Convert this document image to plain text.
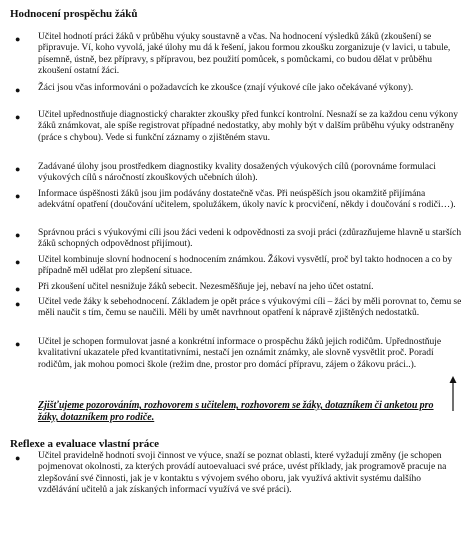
Hodnocení prospěchu žáků
● Učitel hodnotí práci žáků v průběhu výuky soustavně a včas. Na hodnocení výsledků žáků (zkoušení) se připravuje. Ví, koho vyvolá, jaké úlohy mu dá k řešení, jakou formou zkoušku zorganizuje (v lavici, u tabule, písemně, ústně, bez přípravy, s přípravou, bez použití pomůcek, s pomůckami, co budou dělat v průběhu zkoušení ostatní žáci.
● Žáci jsou včas informováni o požadavcích ke zkoušce (znají výukové cíle jako očekávané výkony).
● Učitel upřednostňuje diagnostický charakter zkoušky před funkcí kontrolní. Nesnaží se za každou cenu výkony žáků známkovat, ale spíše registrovat případné nedostatky, aby mohly být v dalším průběhu výuky odstraněny (práce s chybou). Vede si funkční záznamy o zjištěném stavu.
● Zadávané úlohy jsou prostředkem diagnostiky kvality dosažených výukových cílů (porovnáme formulaci výukových cílů s náročností zkouškových učebních úloh).
● Informace úspěšnosti žáků jsou jim podávány dostatečně včas. Při neúspěších jsou okamžitě přijímána adekvátní opatření (doučování učitelem, spolužákem, úkoly navíc k procvičení, někdy i doučování s rodiči…).
● Správnou práci s výukovými cíli jsou žáci vedeni k odpovědnosti za svoji práci (zdůrazňujeme hlavně u starších žáků schopných odpovědnost přijímout).
● Učitel kombinuje slovní hodnocení s hodnocením známkou. Žákovi vysvětlí, proč byl takto hodnocen a co by případně měl udělat pro zlepšení situace.
● Při zkoušení učitel nesnižuje žáků sebecit. Nezesměšňuje jej, nebaví na jeho účet ostatní.
● Učitel vede žáky k sebehodnocení. Základem je opět práce s výukovými cíli – žáci by měli porovnat to, čemu se měli naučit s tím, čemu se naučili. Měli by umět navrhnout opatření k nápravě zjištěných nedostatků.
● Učitel je schopen formulovat jasné a konkrétní informace o prospěchu žáků jejich rodičům. Upřednostňuje kvalitativní ukazatele před kvantitativními, nestačí jen oznámit známky, ale slovně vysvětlit proč. Poradí rodičům, jak mohou pomoci škole (režim dne, prostor pro domácí přípravu, zájem o žákovu práci..).
Zjišťujeme pozorováním, rozhovorem s učitelem, rozhovorem se žáky, dotazníkem či anketou pro žáky, dotazníkem pro rodiče.
Reflexe a evaluace vlastní práce
● Učitel pravidelně hodnotí svoji činnost ve výuce, snaží se poznat oblasti, které vyžadují změny (je schopen pojmenovat okolnosti, za kterých provádí autoevaluaci své práce, uvést příklady, jak programově pracuje na zlepšování své činnosti, jak je v kontaktu s vývojem svého oboru, jak využívá aktivit systému dalšího vzdělávání učitelů a jak získaných informací využívá ve své práci).
